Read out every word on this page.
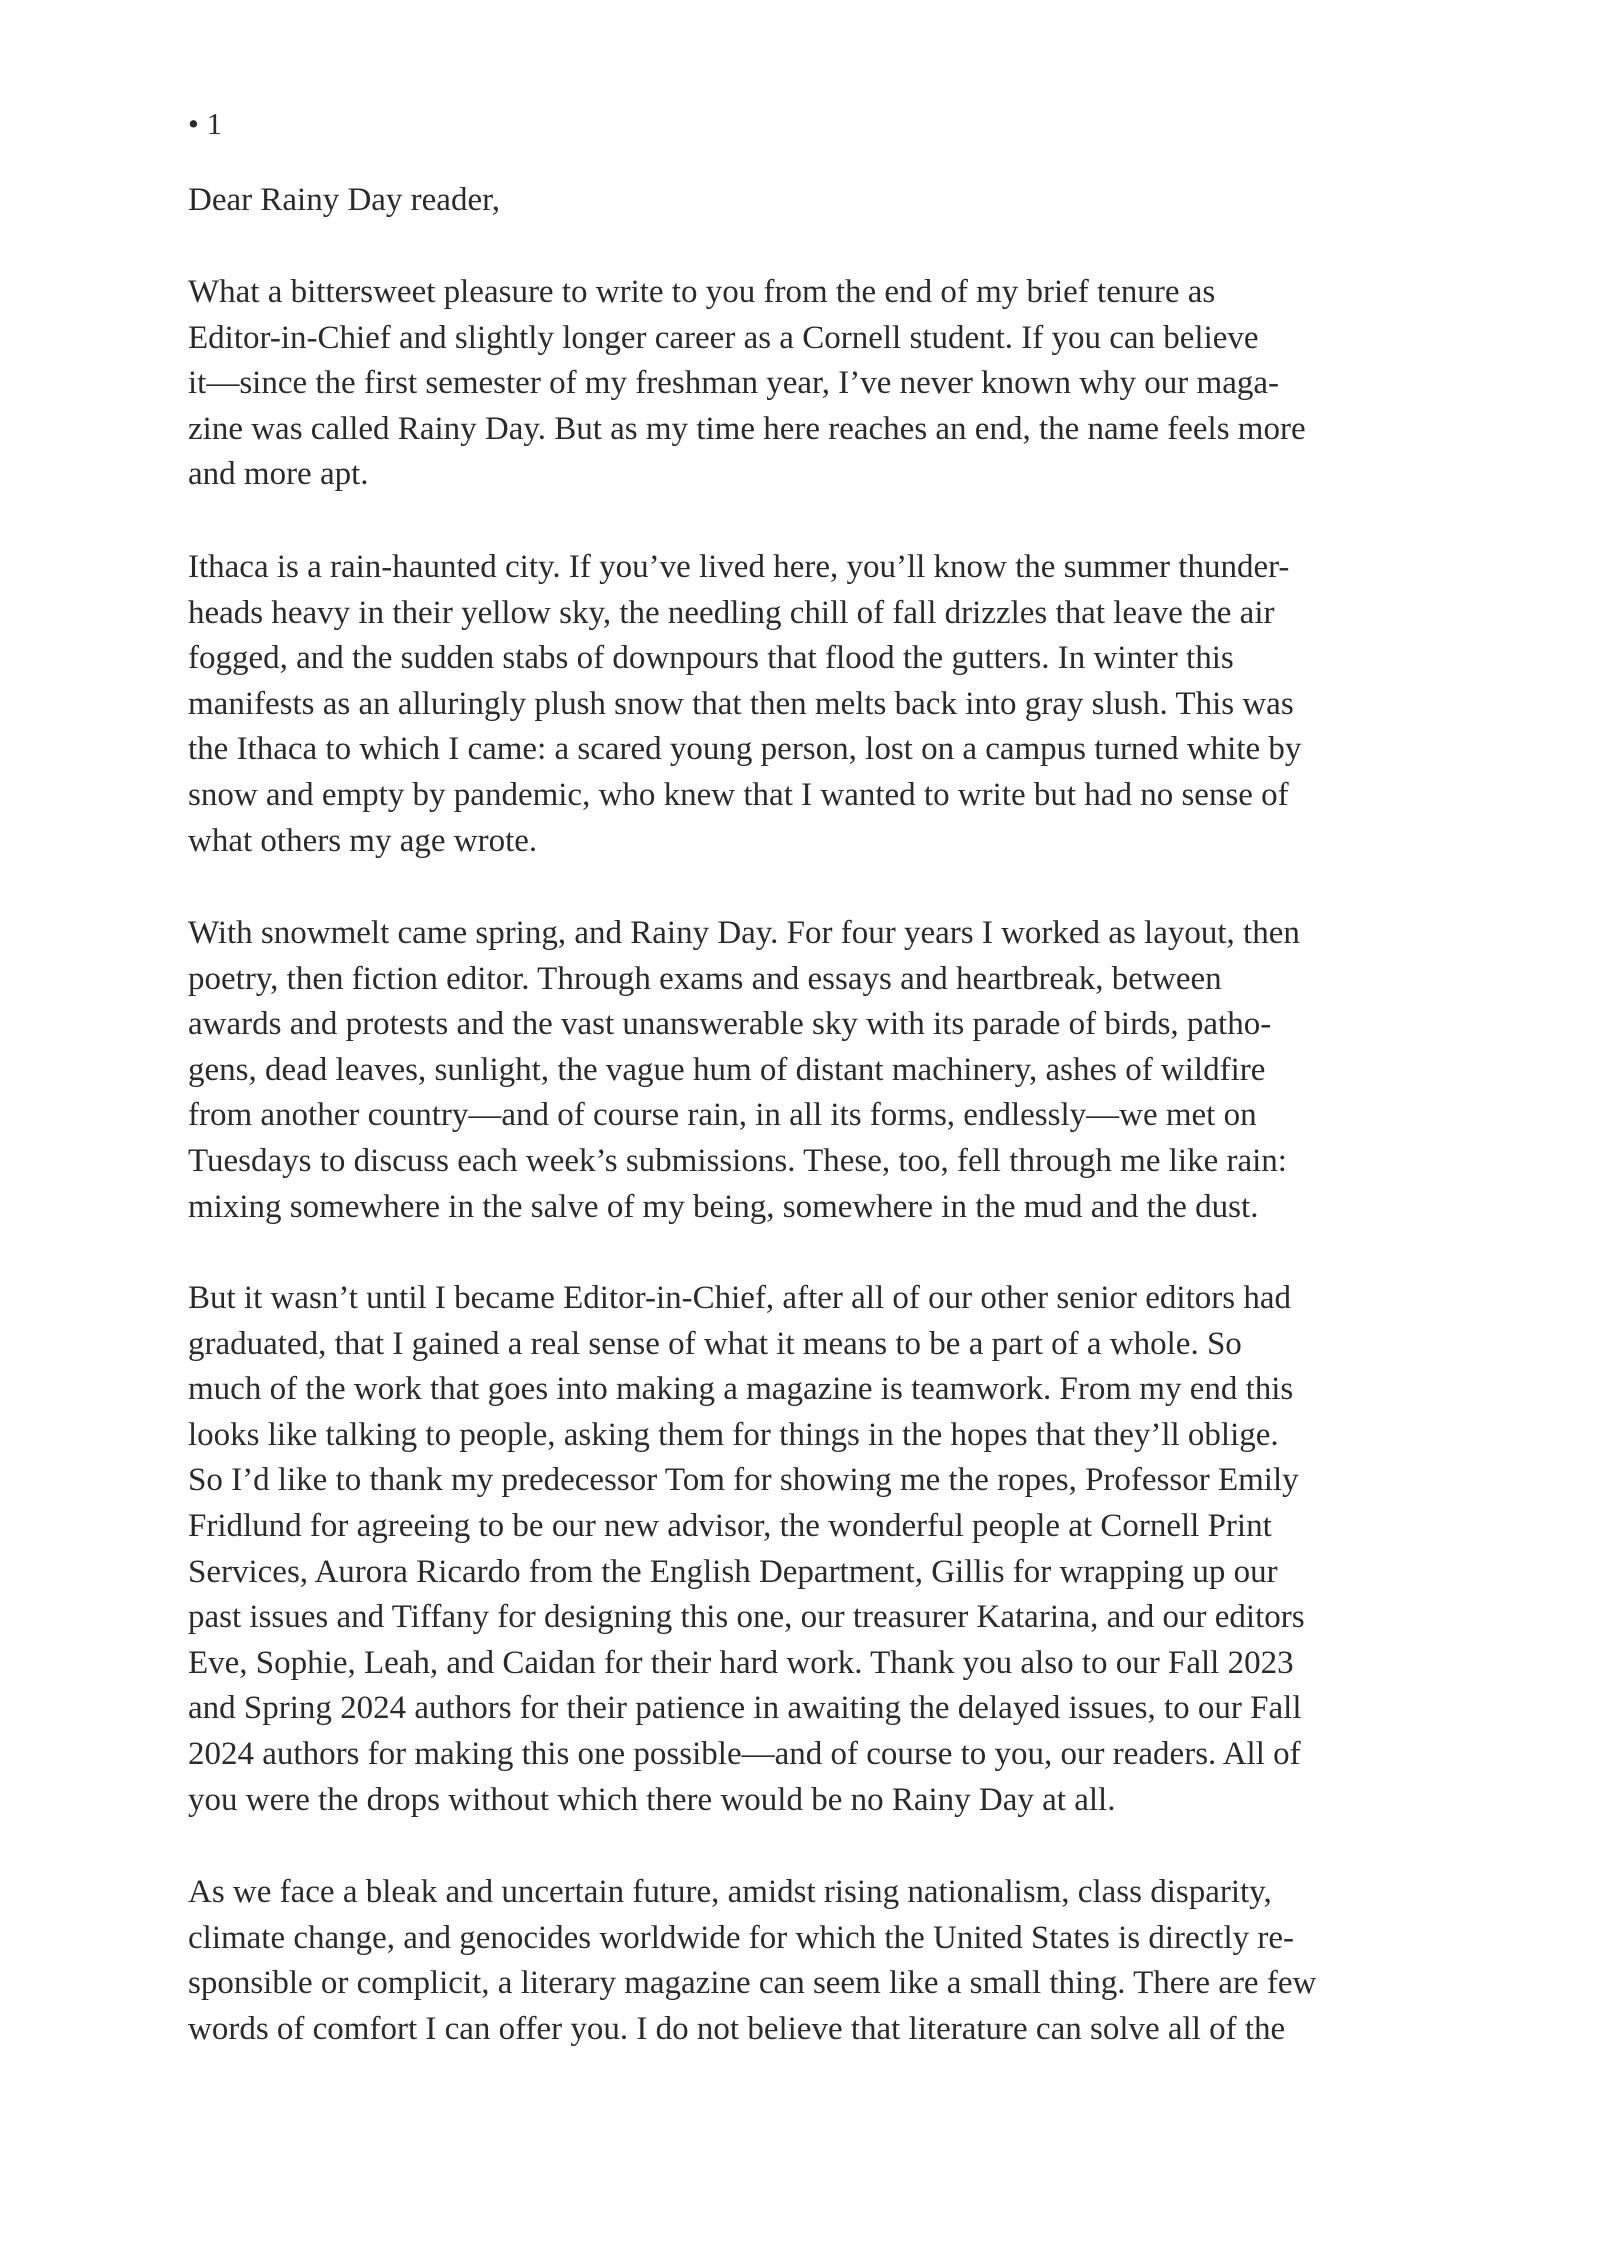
• 1
Dear Rainy Day reader,
What a bittersweet pleasure to write to you from the end of my brief tenure as
Editor-in-Chief and slightly longer career as a Cornell student. If you can believe
it—since the first semester of my freshman year, I’ve never known why our maga-
zine was called Rainy Day. But as my time here reaches an end, the name feels more
and more apt.
Ithaca is a rain-haunted city. If you’ve lived here, you’ll know the summer thunder-
heads heavy in their yellow sky, the needling chill of fall drizzles that leave the air
fogged, and the sudden stabs of downpours that flood the gutters. In winter this
manifests as an alluringly plush snow that then melts back into gray slush. This was
the Ithaca to which I came: a scared young person, lost on a campus turned white by
snow and empty by pandemic, who knew that I wanted to write but had no sense of
what others my age wrote.
With snowmelt came spring, and Rainy Day. For four years I worked as layout, then
poetry, then fiction editor. Through exams and essays and heartbreak, between
awards and protests and the vast unanswerable sky with its parade of birds, patho-
gens, dead leaves, sunlight, the vague hum of distant machinery, ashes of wildfire
from another country—and of course rain, in all its forms, endlessly—we met on
Tuesdays to discuss each week’s submissions. These, too, fell through me like rain:
mixing somewhere in the salve of my being, somewhere in the mud and the dust.
But it wasn’t until I became Editor-in-Chief, after all of our other senior editors had
graduated, that I gained a real sense of what it means to be a part of a whole. So
much of the work that goes into making a magazine is teamwork. From my end this
looks like talking to people, asking them for things in the hopes that they’ll oblige.
So I’d like to thank my predecessor Tom for showing me the ropes, Professor Emily
Fridlund for agreeing to be our new advisor, the wonderful people at Cornell Print
Services, Aurora Ricardo from the English Department, Gillis for wrapping up our
past issues and Tiffany for designing this one, our treasurer Katarina, and our editors
Eve, Sophie, Leah, and Caidan for their hard work. Thank you also to our Fall 2023
and Spring 2024 authors for their patience in awaiting the delayed issues, to our Fall
2024 authors for making this one possible—and of course to you, our readers. All of
you were the drops without which there would be no Rainy Day at all.
As we face a bleak and uncertain future, amidst rising nationalism, class disparity,
climate change, and genocides worldwide for which the United States is directly re-
sponsible or complicit, a literary magazine can seem like a small thing. There are few
words of comfort I can offer you. I do not believe that literature can solve all of the
